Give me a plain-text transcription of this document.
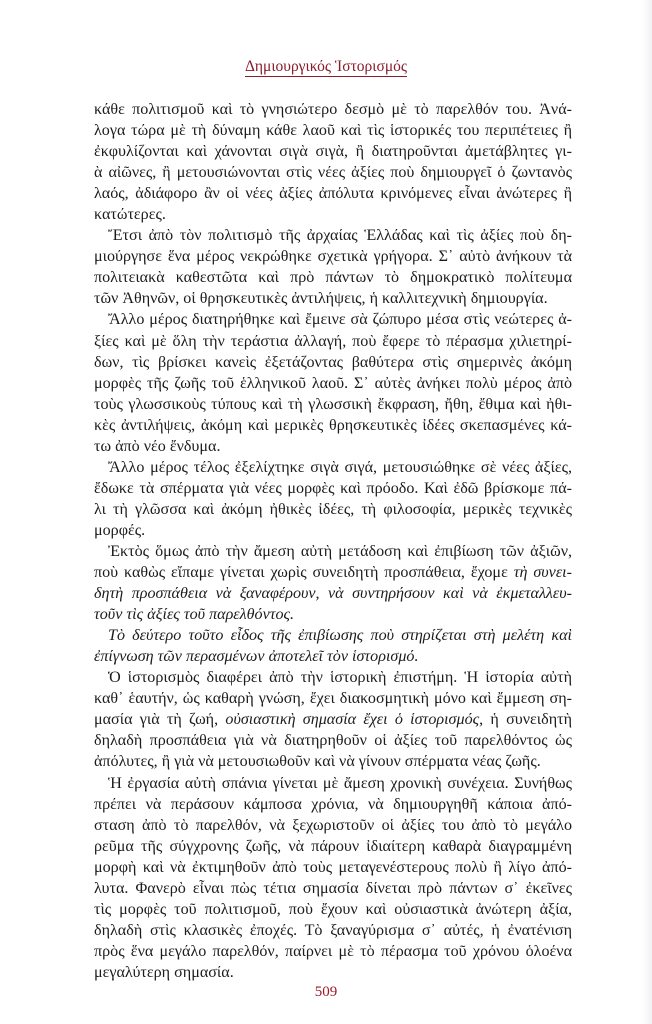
Δημιουργικός Ἱστορισμός
κάθε πολιτισμοῦ καὶ τὸ γνησιώτερο δεσμὸ μὲ τὸ παρελθόν του. Ἀνά-
λογα τώρα μὲ τὴ δύναμη κάθε λαοῦ καὶ τὶς ἱστορικές του περιπέτειες ἢ
ἐκφυλίζονται καὶ χάνονται σιγὰ σιγὰ, ἢ διατηροῦνται ἀμετάβλητες γι-
ὰ αἰῶνες, ἢ μετουσιώνονται στὶς νέες ἀξίες ποὺ δημιουργεῖ ὁ ζωντανὸς
λαός, ἀδιάφορο ἂν οἱ νέες ἀξίες ἀπόλυτα κρινόμενες εἶναι ἀνώτερες ἢ
κατώτερες.
Ἔτσι ἀπὸ τὸν πολιτισμὸ τῆς ἀρχαίας Ἑλλάδας καὶ τὶς ἀξίες ποὺ δη-
μιούργησε ἕνα μέρος νεκρώθηκε σχετικὰ γρήγορα. Σ᾽ αὐτὸ ἀνήκουν τὰ
πολιτειακὰ καθεστῶτα καὶ πρὸ πάντων τὸ δημοκρατικὸ πολίτευμα
τῶν Ἀθηνῶν, οἱ θρησκευτικὲς ἀντιλήψεις, ἡ καλλιτεχνικὴ δημιουργία.
Ἄλλο μέρος διατηρήθηκε καὶ ἔμεινε σὰ ζώπυρο μέσα στὶς νεώτερες ἀ-
ξίες καὶ μὲ ὅλη τὴν τεράστια ἀλλαγή, ποὺ ἔφερε τὸ πέρασμα χιλιετηρί-
δων, τὶς βρίσκει κανεὶς ἐξετάζοντας βαθύτερα στὶς σημερινὲς ἀκόμη
μορφὲς τῆς ζωῆς τοῦ ἑλληνικοῦ λαοῦ. Σ᾽ αὐτὲς ἀνήκει πολὺ μέρος ἀπὸ
τοὺς γλωσσικοὺς τύπους καὶ τὴ γλωσσικὴ ἔκφραση, ἤθη, ἔθιμα καὶ ἠθι-
κὲς ἀντιλήψεις, ἀκόμη καὶ μερικὲς θρησκευτικὲς ἰδέες σκεπασμένες κά-
τω ἀπὸ νέο ἔνδυμα.
Ἄλλο μέρος τέλος ἐξελίχτηκε σιγὰ σιγά, μετουσιώθηκε σὲ νέες ἀξίες,
ἔδωκε τὰ σπέρματα γιὰ νέες μορφὲς καὶ πρόοδο. Καὶ ἐδῶ βρίσκομε πά-
λι τὴ γλῶσσα καὶ ἀκόμη ἠθικὲς ἰδέες, τὴ φιλοσοφία, μερικὲς τεχνικὲς
μορφές.
Ἐκτὸς ὅμως ἀπὸ τὴν ἄμεση αὐτὴ μετάδοση καὶ ἐπιβίωση τῶν ἀξιῶν,
ποὺ καθὼς εἴπαμε γίνεται χωρὶς συνειδητὴ προσπάθεια, ἔχομε τὴ συνει-
δητὴ προσπάθεια νὰ ξαναφέρουν, νὰ συντηρήσουν καὶ νὰ ἐκμεταλλευ-
τοῦν τὶς ἀξίες τοῦ παρελθόντος.
Τὸ δεύτερο τοῦτο εἶδος τῆς ἐπιβίωσης ποὺ στηρίζεται στὴ μελέτη καὶ
ἐπίγνωση τῶν περασμένων ἀποτελεῖ τὸν ἱστορισμό.
Ὁ ἱστορισμὸς διαφέρει ἀπὸ τὴν ἱστορικὴ ἐπιστήμη. Ἡ ἱστορία αὐτὴ
καθ᾽ ἑαυτήν, ὡς καθαρὴ γνώση, ἔχει διακοσμητικὴ μόνο καὶ ἔμμεση ση-
μασία γιὰ τὴ ζωή, οὐσιαστικὴ σημασία ἔχει ὁ ἱστορισμός, ἡ συνειδητὴ
δηλαδὴ προσπάθεια γιὰ νὰ διατηρηθοῦν οἱ ἀξίες τοῦ παρελθόντος ὡς
ἀπόλυτες, ἢ γιὰ νὰ μετουσιωθοῦν καὶ νὰ γίνουν σπέρματα νέας ζωῆς.
Ἡ ἐργασία αὐτὴ σπάνια γίνεται μὲ ἄμεση χρονικὴ συνέχεια. Συνήθως
πρέπει νὰ περάσουν κάμποσα χρόνια, νὰ δημιουργηθῆ κάποια ἀπό-
σταση ἀπὸ τὸ παρελθόν, νὰ ξεχωριστοῦν οἱ ἀξίες του ἀπὸ τὸ μεγάλο
ρεῦμα τῆς σύγχρονης ζωῆς, νὰ πάρουν ἰδιαίτερη καθαρὰ διαγραμμένη
μορφὴ καὶ νὰ ἐκτιμηθοῦν ἀπὸ τοὺς μεταγενέστερους πολὺ ἢ λίγο ἀπό-
λυτα. Φανερὸ εἶναι πὼς τέτια σημασία δίνεται πρὸ πάντων σ᾽ ἐκεῖνες
τὶς μορφὲς τοῦ πολιτισμοῦ, ποὺ ἔχουν καὶ οὐσιαστικὰ ἀνώτερη ἀξία,
δηλαδὴ στὶς κλασικὲς ἐποχές. Τὸ ξαναγύρισμα σ᾽ αὐτές, ἡ ἐνατένιση
πρὸς ἕνα μεγάλο παρελθόν, παίρνει μὲ τὸ πέρασμα τοῦ χρόνου ὁλοένα
μεγαλύτερη σημασία.
509
